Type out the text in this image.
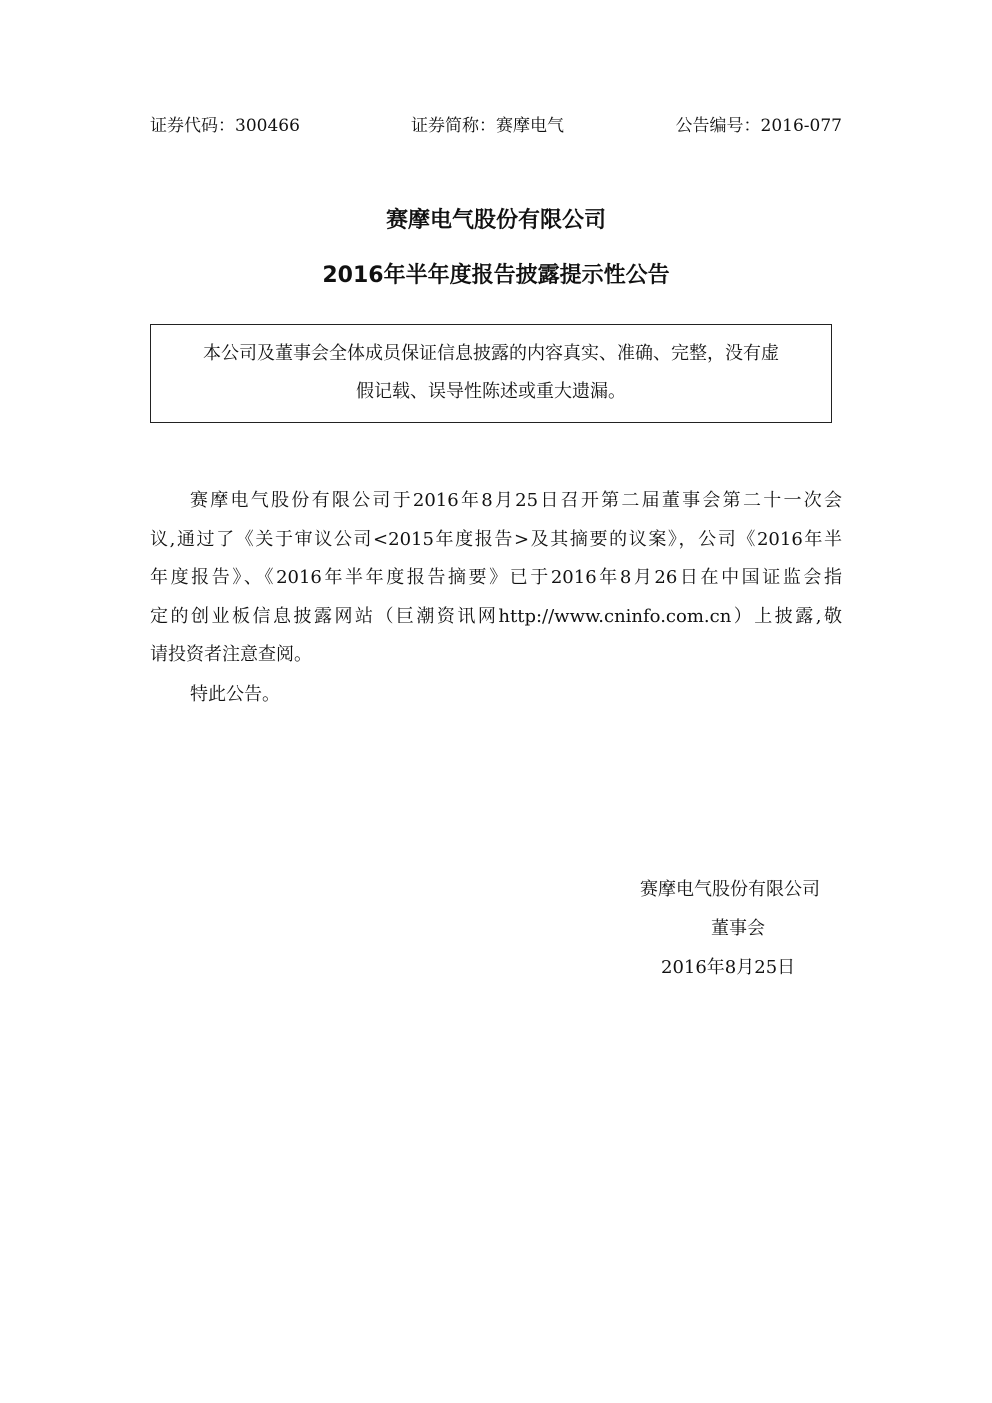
证券代码：300466	证券简称：赛摩电气	公告编号：2016-077
赛摩电气股份有限公司
2016年半年度报告披露提示性公告
本公司及董事会全体成员保证信息披露的内容真实、准确、完整，没有虚
假记载、误导性陈述或重大遗漏。
赛摩电气股份有限公司于2016年8月25日召开第二届董事会第二十一次会
议,通过了《关于审议公司<2015年度报告>及其摘要的议案》，公司《2016年半
年度报告》、《2016年半年度报告摘要》已于2016年8月26日在中国证监会指
定的创业板信息披露网站（巨潮资讯网http://www.cninfo.com.cn）上披露,敬
请投资者注意查阅。
特此公告。
赛摩电气股份有限公司
董事会
2016年8月25日
